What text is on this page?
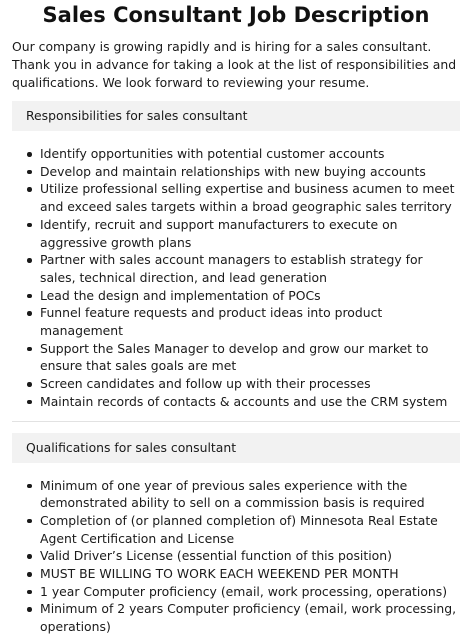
Sales Consultant Job Description

Our company is growing rapidly and is hiring for a sales consultant. Thank you in advance for taking a look at the list of responsibilities and qualifications. We look forward to reviewing your resume.

Responsibilities for sales consultant
Identify opportunities with potential customer accounts
Develop and maintain relationships with new buying accounts
Utilize professional selling expertise and business acumen to meet and exceed sales targets within a broad geographic sales territory
Identify, recruit and support manufacturers to execute on aggressive growth plans
Partner with sales account managers to establish strategy for sales, technical direction, and lead generation
Lead the design and implementation of POCs
Funnel feature requests and product ideas into product management
Support the Sales Manager to develop and grow our market to ensure that sales goals are met
Screen candidates and follow up with their processes
Maintain records of contacts & accounts and use the CRM system
Qualifications for sales consultant
Minimum of one year of previous sales experience with the demonstrated ability to sell on a commission basis is required
Completion of (or planned completion of) Minnesota Real Estate Agent Certification and License
Valid Driver’s License (essential function of this position)
MUST BE WILLING TO WORK EACH WEEKEND PER MONTH
1 year Computer proficiency (email, work processing, operations)
Minimum of 2 years Computer proficiency (email, work processing, operations)
